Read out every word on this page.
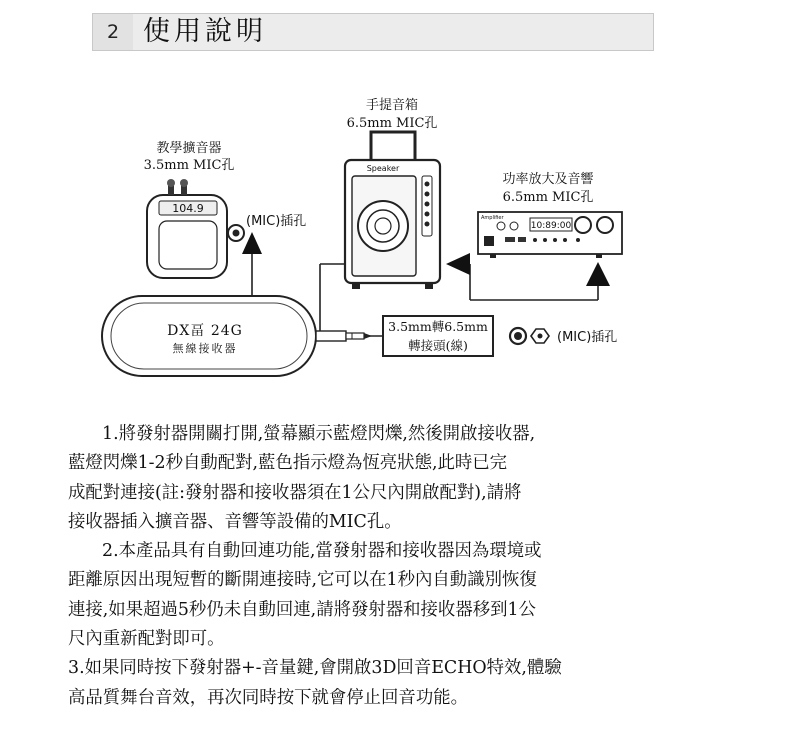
2 使用說明
教學擴音器
3.5mm MIC孔
104.9
(MIC)插孔
手提音箱
6.5mm MIC孔
Speaker
功率放大及音響
6.5mm MIC孔
Amplifier
10:89:00
DX畐 24G
無線接收器
3.5mm轉6.5mm
轉接頭(線)
(MIC)插孔
1.將發射器開關打開,螢幕顯示藍燈閃爍,然後開啟接收器,
藍燈閃爍1-2秒自動配對,藍色指示燈為恆亮狀態,此時已完
成配對連接(註:發射器和接收器須在1公尺內開啟配對),請將
接收器插入擴音器、音響等設備的MIC孔。
2.本產品具有自動回連功能,當發射器和接收器因為環境或
距離原因出現短暫的斷開連接時,它可以在1秒內自動識別恢復
連接,如果超過5秒仍未自動回連,請將發射器和接收器移到1公
尺內重新配對即可。
3.如果同時按下發射器+-音量鍵,會開啟3D回音ECHO特效,體驗
高品質舞台音效，再次同時按下就會停止回音功能。
